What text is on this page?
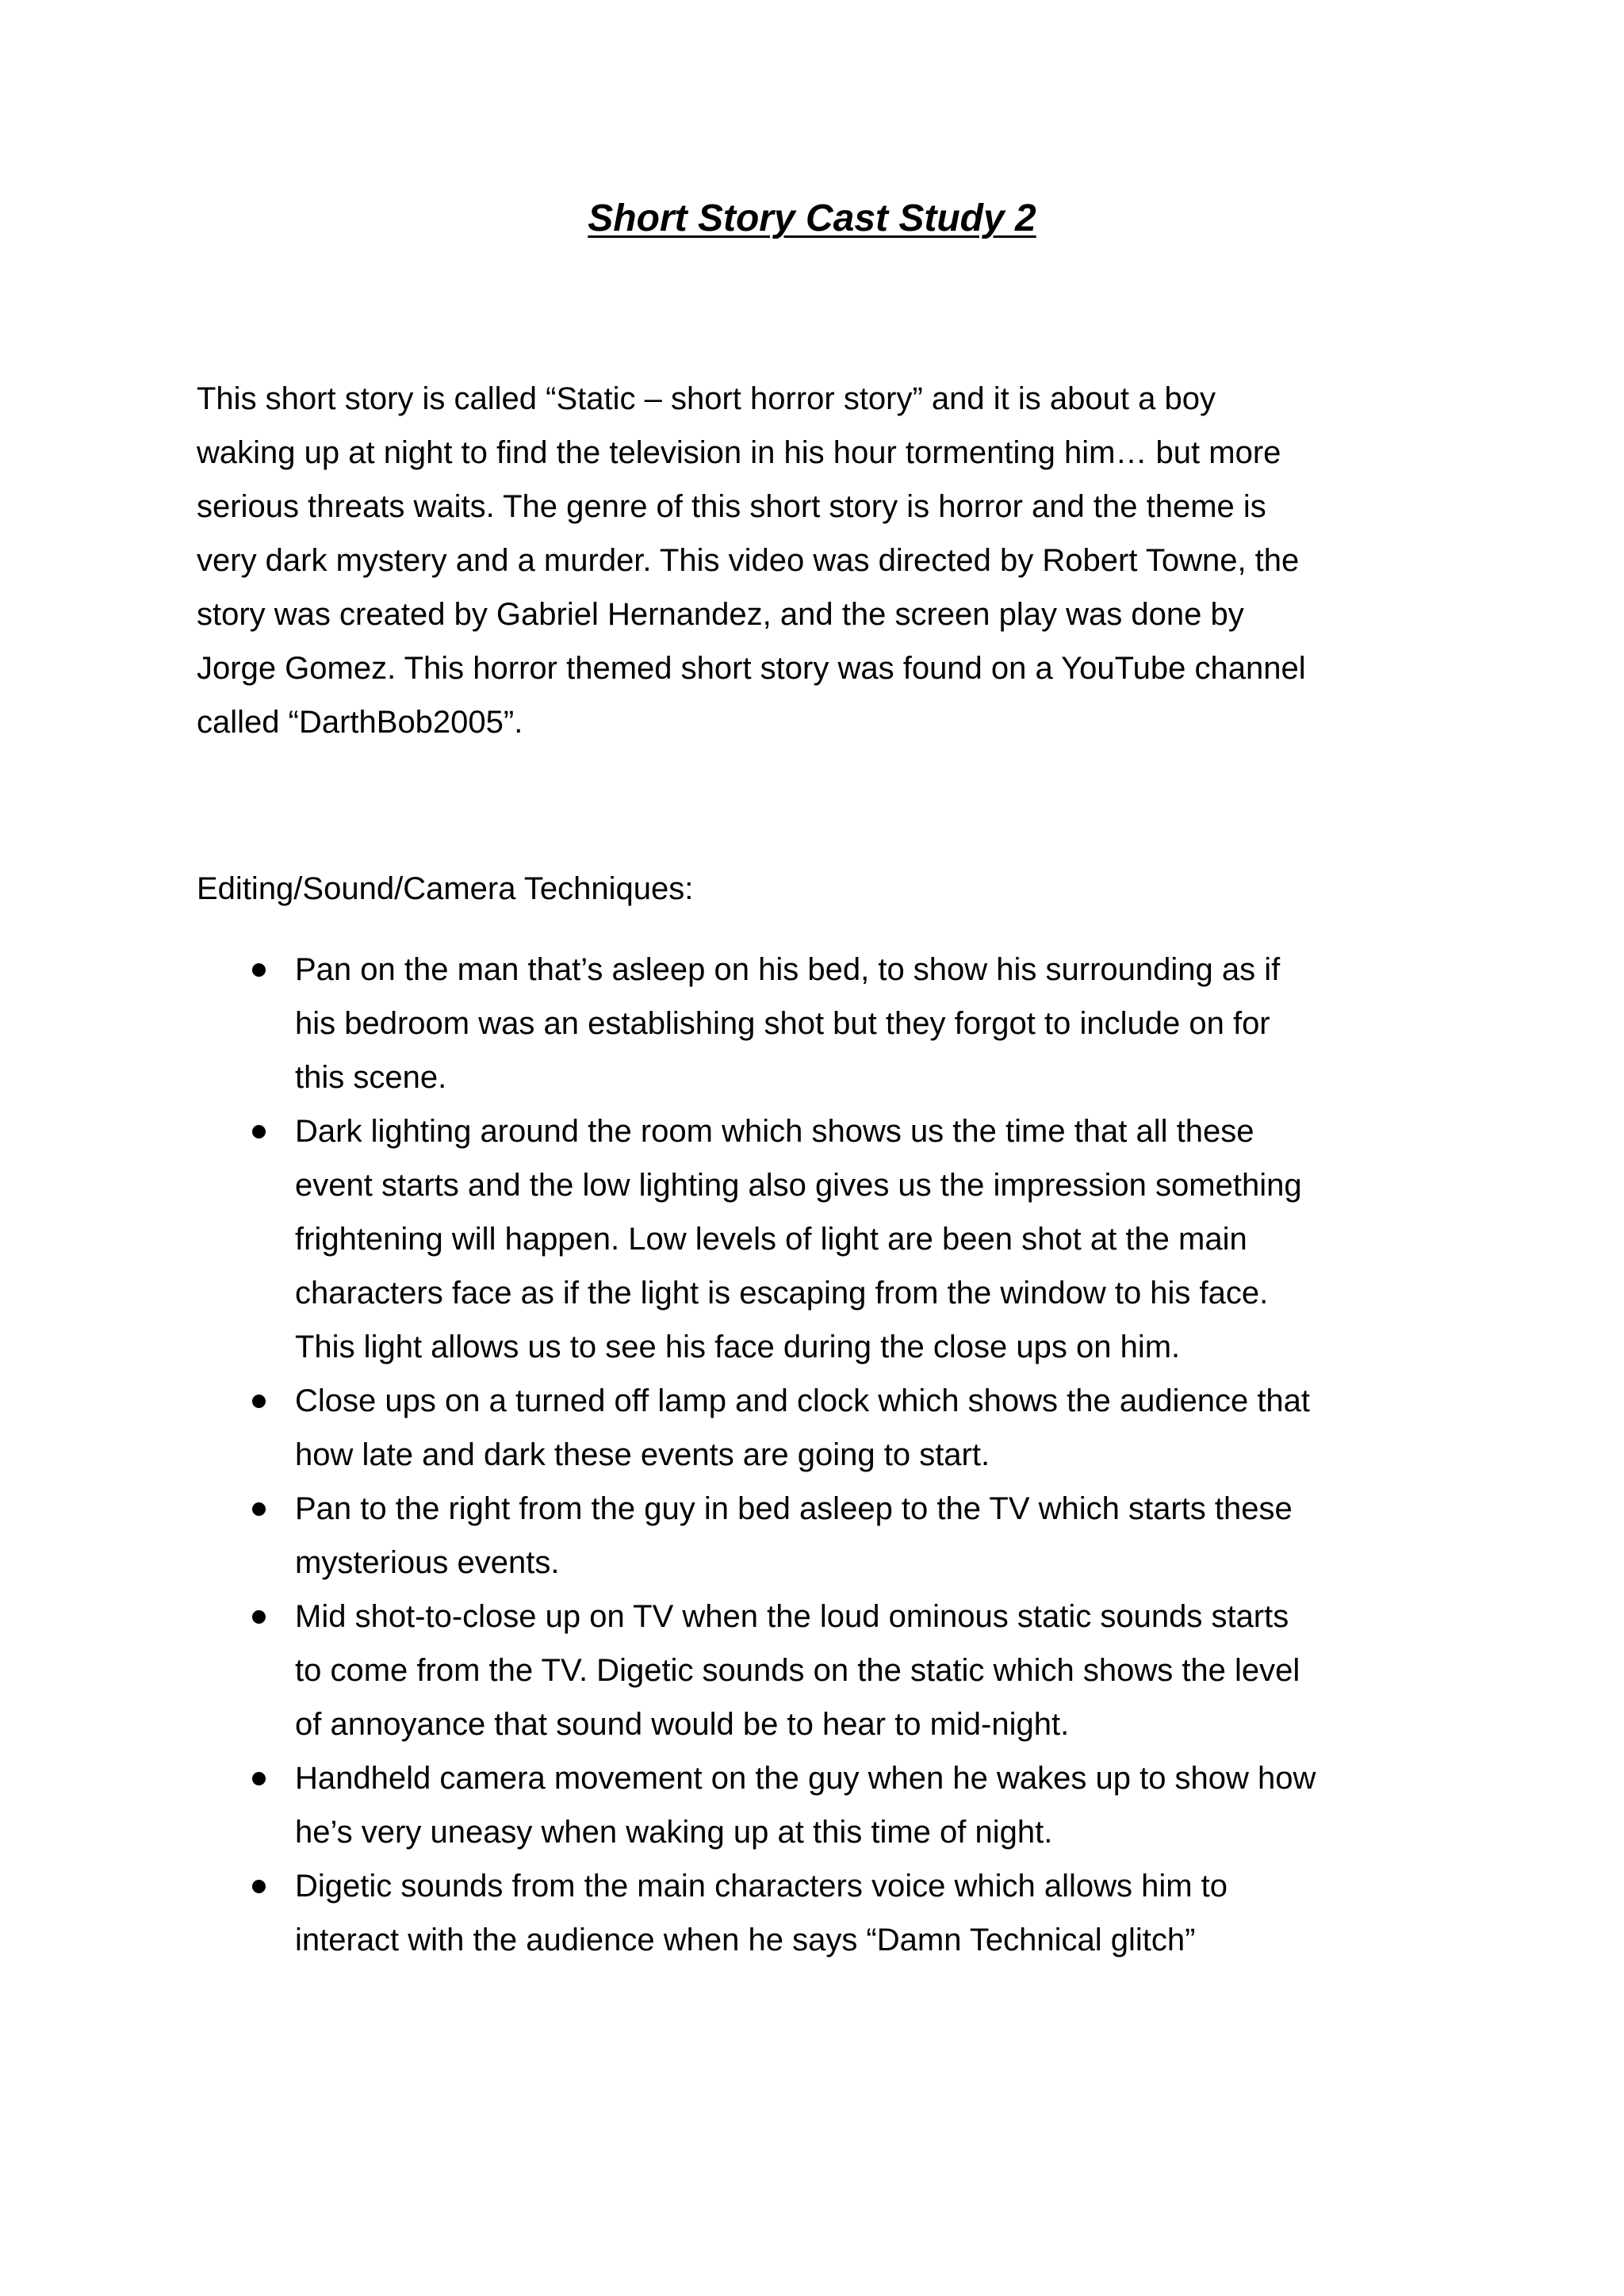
Short Story Cast Study 2

This short story is called “Static – short horror story” and it is about a boy
waking up at night to find the television in his hour tormenting him… but more
serious threats waits. The genre of this short story is horror and the theme is
very dark mystery and a murder. This video was directed by Robert Towne, the
story was created by Gabriel Hernandez, and the screen play was done by
Jorge Gomez. This horror themed short story was found on a YouTube channel
called “DarthBob2005”.

Editing/Sound/Camera Techniques:

Pan on the man that’s asleep on his bed, to show his surrounding as if
his bedroom was an establishing shot but they forgot to include on for
this scene.
Dark lighting around the room which shows us the time that all these
event starts and the low lighting also gives us the impression something
frightening will happen. Low levels of light are been shot at the main
characters face as if the light is escaping from the window to his face.
This light allows us to see his face during the close ups on him.
Close ups on a turned off lamp and clock which shows the audience that
how late and dark these events are going to start.
Pan to the right from the guy in bed asleep to the TV which starts these
mysterious events.
Mid shot-to-close up on TV when the loud ominous static sounds starts
to come from the TV. Digetic sounds on the static which shows the level
of annoyance that sound would be to hear to mid-night.
Handheld camera movement on the guy when he wakes up to show how
he’s very uneasy when waking up at this time of night.
Digetic sounds from the main characters voice which allows him to
interact with the audience when he says “Damn Technical glitch”
